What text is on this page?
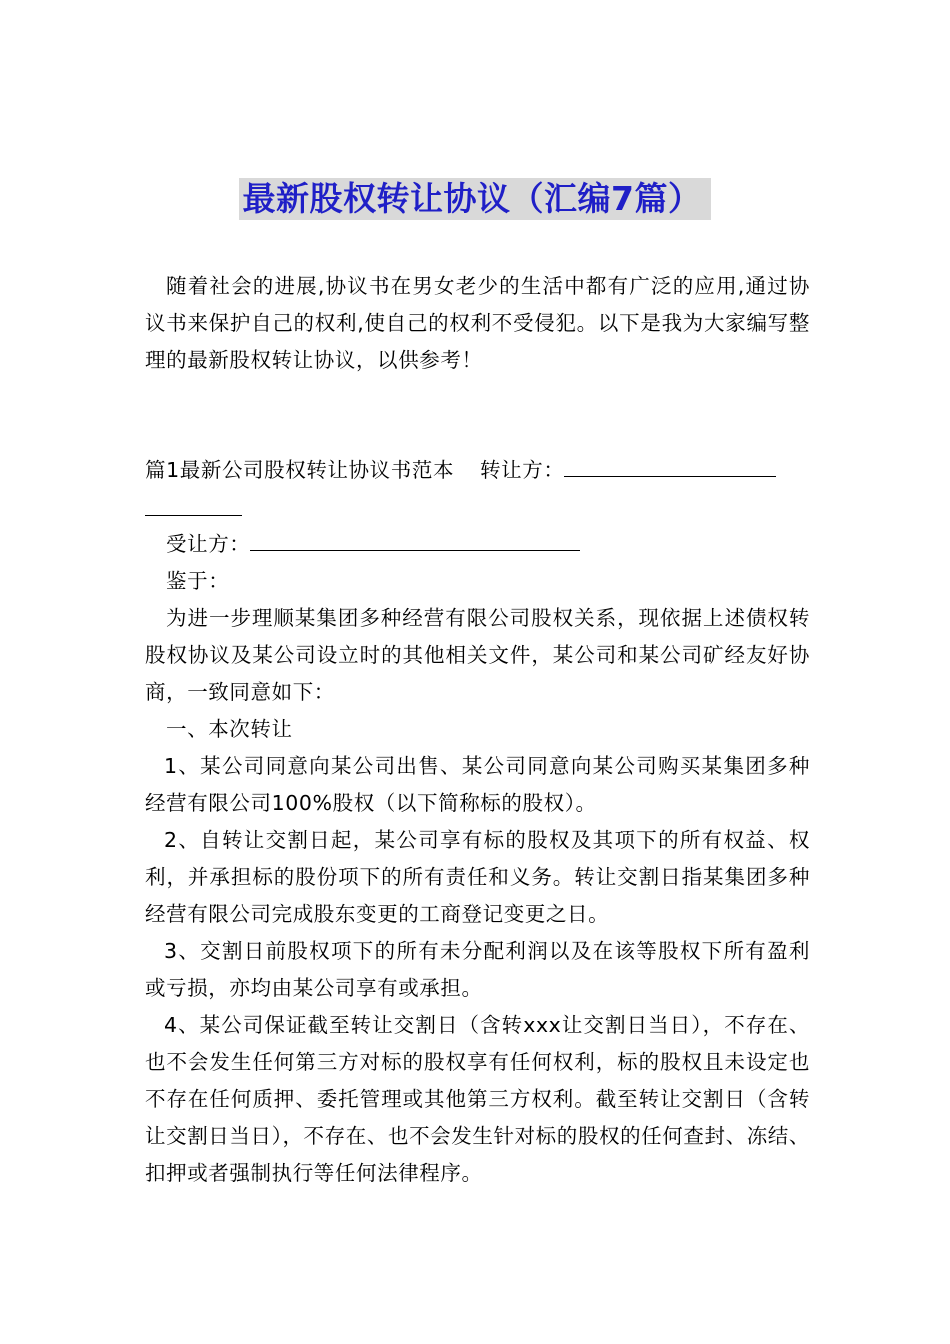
最新股权转让协议（汇编7篇）

随着社会的进展,协议书在男女老少的生活中都有广泛的应用,通过协议书来保护自己的权利,使自己的权利不受侵犯。以下是我为大家编写整理的最新股权转让协议，以供参考！

篇1最新公司股权转让协议书范本 转让方：

受让方：

鉴于：

为进一步理顺某集团多种经营有限公司股权关系，现依据上述债权转股权协议及某公司设立时的其他相关文件，某公司和某公司矿经友好协商，一致同意如下：

一、本次转让

1、某公司同意向某公司出售、某公司同意向某公司购买某集团多种经营有限公司100%股权（以下简称标的股权）。

2、自转让交割日起，某公司享有标的股权及其项下的所有权益、权利，并承担标的股份项下的所有责任和义务。转让交割日指某集团多种经营有限公司完成股东变更的工商登记变更之日。

3、交割日前股权项下的所有未分配利润以及在该等股权下所有盈利或亏损，亦均由某公司享有或承担。

4、某公司保证截至转让交割日（含转xxx让交割日当日），不存在、也不会发生任何第三方对标的股权享有任何权利，标的股权且未设定也不存在任何质押、委托管理或其他第三方权利。截至转让交割日（含转让交割日当日），不存在、也不会发生针对标的股权的任何查封、冻结、扣押或者强制执行等任何法律程序。
